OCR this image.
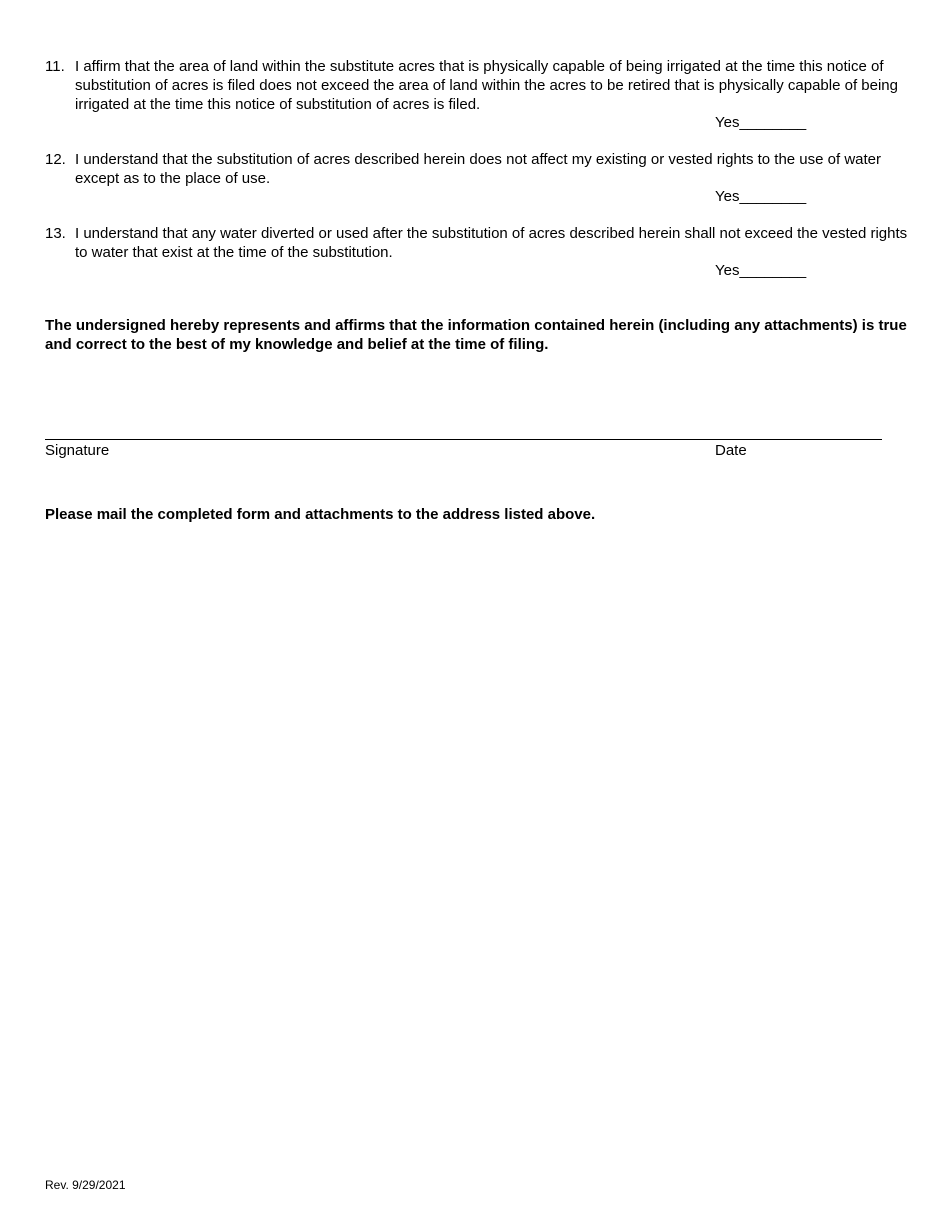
11. I affirm that the area of land within the substitute acres that is physically capable of being irrigated at the time this notice of substitution of acres is filed does not exceed the area of land within the acres to be retired that is physically capable of being irrigated at the time this notice of substitution of acres is filed.
Yes________
12. I understand that the substitution of acres described herein does not affect my existing or vested rights to the use of water except as to the place of use.
Yes________
13. I understand that any water diverted or used after the substitution of acres described herein shall not exceed the vested rights to water that exist at the time of the substitution.
Yes________
The undersigned hereby represents and affirms that the information contained herein (including any attachments) is true and correct to the best of my knowledge and belief at the time of filing.
Signature	Date
Please mail the completed form and attachments to the address listed above.
Rev. 9/29/2021
